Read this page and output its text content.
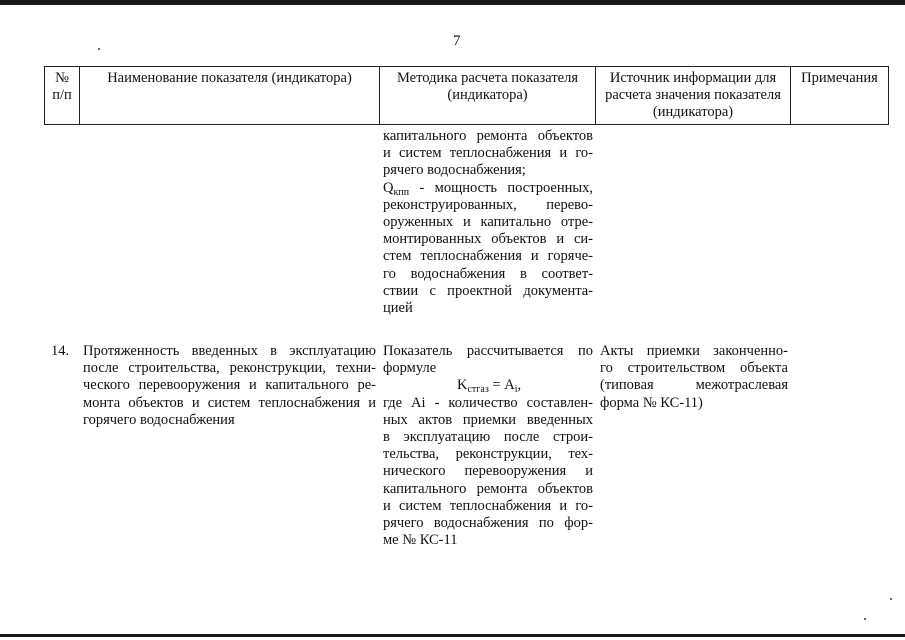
7
№
п/п
Наименование показателя (индикатора)	Методика расчета показателя
(индикатора)
Источник информации для
расчета значения показателя
(индикатора)
Примечания
капитального ремонта объектов
и систем теплоснабжения и го-
рячего водоснабжения;
$Q_{кпп}$ - мощность построенных,
реконструированных, перево-
оруженных и капитально отре-
монтированных объектов и си-
стем теплоснабжения и горяче-
го водоснабжения в соответ-
ствии с проектной документа-
цией
14. Протяженность введенных в эксплуатацию
после строительства, реконструкции, техни-
ческого перевооружения и капитального ре-
монта объектов и систем теплоснабжения и
горячего водоснабжения
Показатель рассчитывается по
формуле
$K_{стгаз} = A_i$,
где Ai - количество составлен-
ных актов приемки введенных
в эксплуатацию после строи-
тельства, реконструкции, тех-
нического перевооружения и
капитального ремонта объектов
и систем теплоснабжения и го-
рячего водоснабжения по фор-
ме № КС-11
Акты приемки законченно-
го строительством объекта
(типовая межотраслевая
форма № КС-11)
